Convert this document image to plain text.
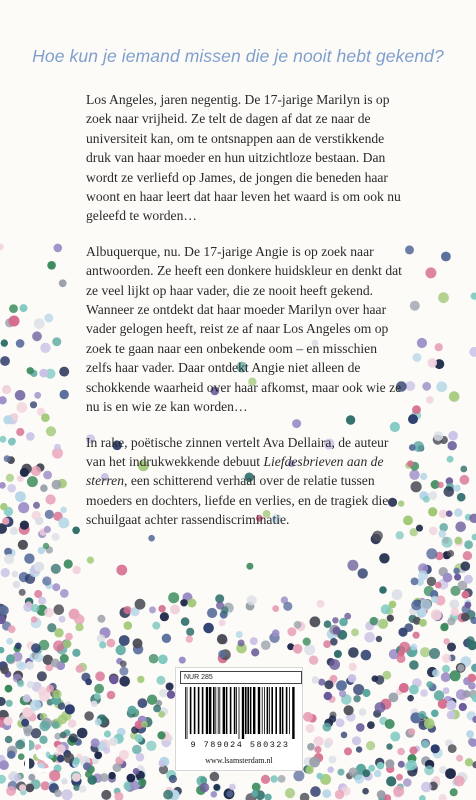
Hoe kun je iemand missen die je nooit hebt gekend?

Los Angeles, jaren negentig. De 17-jarige Marilyn is op zoek naar vrijheid. Ze telt de dagen af dat ze naar de universiteit kan, om te ontsnappen aan de verstikkende druk van haar moeder en hun uitzichtloze bestaan. Dan wordt ze verliefd op James, de jongen die beneden haar woont en haar leert dat haar leven het waard is om ook nu geleefd te worden…

Albuquerque, nu. De 17-jarige Angie is op zoek naar antwoorden. Ze heeft een donkere huidskleur en denkt dat ze veel lijkt op haar vader, die ze nooit heeft gekend. Wanneer ze ontdekt dat haar moeder Marilyn over haar vader gelogen heeft, reist ze af naar Los Angeles om op zoek te gaan naar een onbekende oom – en misschien zelfs haar vader. Daar ontdekt Angie niet alleen de schokkende waarheid over haar afkomst, maar ook wie ze nu is en wie ze kan worden…

In rake, poëtische zinnen vertelt Ava Dellaira, de auteur van het indrukwekkende debuut Liefdesbrieven aan de sterren, een schitterend verhaal over de relatie tussen moeders en dochters, liefde en verlies, en de tragiek die schuilgaat achter rassendiscriminatie.

NUR 285
9 789024 580323
www.lsamsterdam.nl
